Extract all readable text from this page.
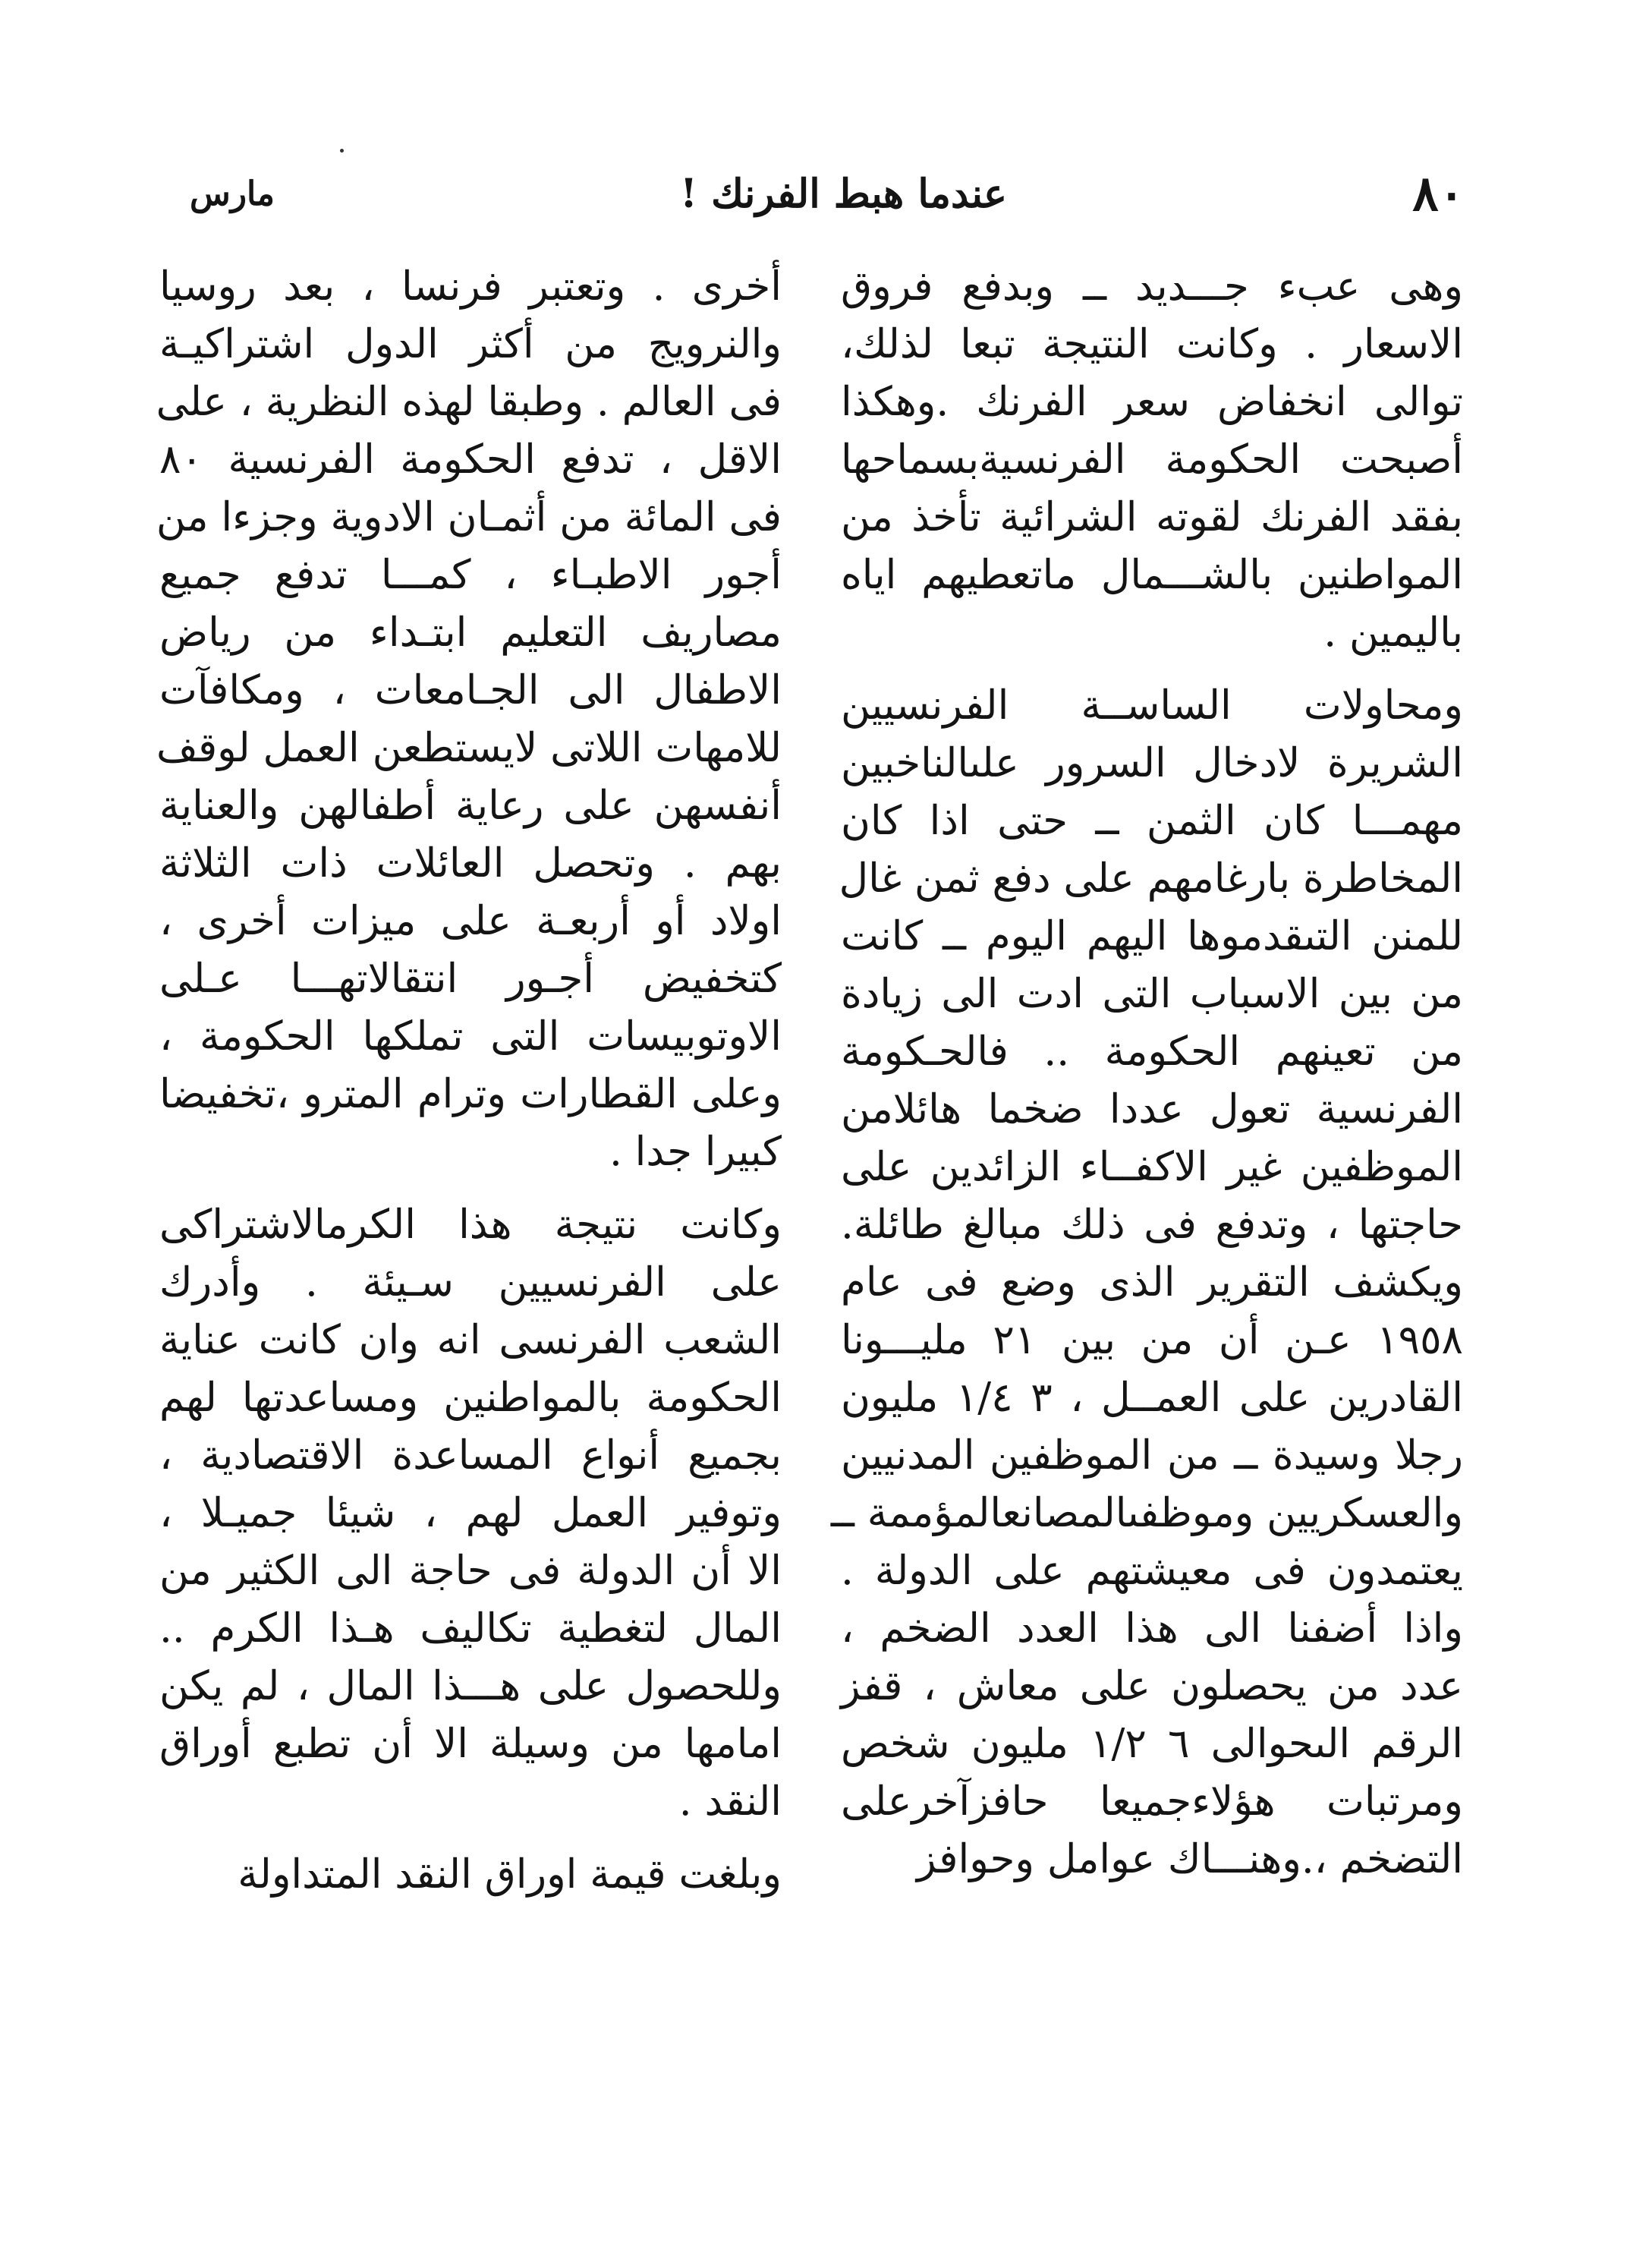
٨٠
عندما هبط الفرنك !
مارس

وهى عبء جـــديد ــ وبدفع فروق
الاسعار . وكانت النتيجة تبعا لذلك،
توالى انخفاض سعر الفرنك .وهكذا
أصبحت الحكومة الفرنسيةبسماحها
بفقد الفرنك لقوته الشرائية تأخذ من
المواطنين بالشـــمال ماتعطيهم اياه
باليمين .

ومحاولات الساســة الفرنسيين
الشريرة لادخال السرور علىالناخبين
مهمـــا كان الثمن ــ حتى اذا كان
المخاطرة بارغامهم على دفع ثمن غال
للمنن التىقدموها اليهم اليوم ــ كانت
من بين الاسباب التى ادت الى زيادة
من تعينهم الحكومة .. فالحـكومة
الفرنسية تعول عددا ضخما هائلامن
الموظفين غير الاكفــاء الزائدين على
حاجتها ، وتدفع فى ذلك مبالغ طائلة.
ويكشف التقرير الذى وضع فى عام
١٩٥٨ عـن أن من بين ٢١ مليـــونا
القادرين على العمــل ، ٣ ١/٤ مليون
رجلا وسيدة ــ من الموظفين المدنيين
والعسكريين وموظفىالمصانعالمؤممة ــ
يعتمدون فى معيشتهم على الدولة .
واذا أضفنا الى هذا العدد الضخم ،
عدد من يحصلون على معاش ، قفز
الرقم الىحوالى ٦ ١/٢ مليون شخص
ومرتبات هؤلاءجميعا حافزآخرعلى
التضخم ،.وهنـــاك عوامل وحوافز

أخرى . وتعتبر فرنسا ، بعد روسيا
والنرويج من أكثر الدول اشتراكيـة
فى العالم . وطبقا لهذه النظرية ، على
الاقل ، تدفع الحكومة الفرنسية ٨٠
فى المائة من أثمـان الادوية وجزءا من
أجور الاطبـاء ، كمـــا تدفع جميع
مصاريف التعليم ابتـداء من رياض
الاطفال الى الجـامعات ، ومكافآت
للامهات اللاتى لايستطعن العمل لوقف
أنفسهن على رعاية أطفالهن والعناية
بهم . وتحصل العائلات ذات الثلاثة
اولاد أو أربعـة على ميزات أخرى ،
كتخفيض أجـور انتقالاتهـــا عـلى
الاوتوبيسات التى تملكها الحكومة ،
وعلى القطارات وترام المترو ،تخفيضا
كبيرا جدا .

وكانت نتيجة هذا الكرمالاشتراكى
على الفرنسيين سـيئة . وأدرك
الشعب الفرنسى انه وان كانت عناية
الحكومة بالمواطنين ومساعدتها لهم
بجميع أنواع المساعدة الاقتصادية ،
وتوفير العمل لهم ، شيئا جميـلا ،
الا أن الدولة فى حاجة الى الكثير من
المال لتغطية تكاليف هـذا الكرم ..
وللحصول على هـــذا المال ، لم يكن
امامها من وسيلة الا أن تطبع أوراق
النقد .

وبلغت قيمة اوراق النقد المتداولة
